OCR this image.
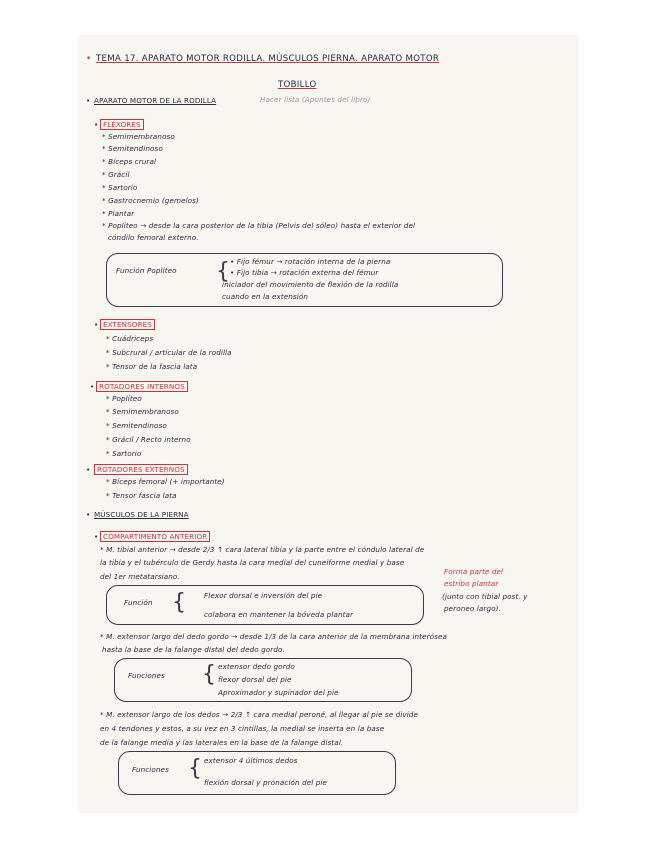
• TEMA 17. APARATO MOTOR RODILLA. MÚSCULOS PIERNA. APARATO MOTOR
TOBILLO
• APARATO MOTOR DE LA RODILLA	Hacer lista (Apuntes del libro)
• FLEXORES
* Semimembranoso
* Semitendinoso
* Bíceps crural
* Grácil
* Sartorio
* Gastrocnemio (gemelos)
* Plantar
* Poplíteo → desde la cara posterior de la tibia (Pelvis del sóleo) hasta el exterior del
cóndilo femoral externo.
Función Poplíteo { • Fijo fémur → rotación interna de la pierna
• Fijo tibia → rotación externa del fémur
iniciador del movimiento de flexión de la rodilla
cuando en la extensión
• EXTENSORES
* Cuádriceps
* Subcrural / articular de la rodilla
* Tensor de la fascia lata
• ROTADORES INTERNOS
* Poplíteo
* Semimembranoso
* Semitendinoso
* Grácil / Recto interno
* Sartorio
• ROTADORES EXTERNOS
* Bíceps femoral (+ importante)
* Tensor fascia lata
• MÚSCULOS DE LA PIERNA
• COMPARTIMENTO ANTERIOR
* M. tibial anterior → desde 2/3 ↑ cara lateral tibia y la parte entre el cóndulo lateral de
la tibia y el tubérculo de Gerdy hasta la cara medial del cuneiforme medial y base
del 1er metatarsiano.
Forma parte del
estribo plantar
(junto con tibial post. y
peroneo largo).
Función {	Flexor dorsal e inversión del pie
colabora en mantener la bóveda plantar
* M. extensor largo del dedo gordo → desde 1/3 de la cara anterior de la membrana interósea
hasta la base de la falange distal del dedo gordo.
Funciones { extensor dedo gordo
flexor dorsal del pie
Aproximador y supinador del pie
* M. extensor largo de los dedos → 2/3 ↑ cara medial peroné, al llegar al pie se divide
en 4 tendones y estos, a su vez en 3 cintillas, la medial se inserta en la base
de la falange media y las laterales en la base de la falange distal.
Funciones { extensor 4 últimos dedos
flexión dorsal y pronación del pie
